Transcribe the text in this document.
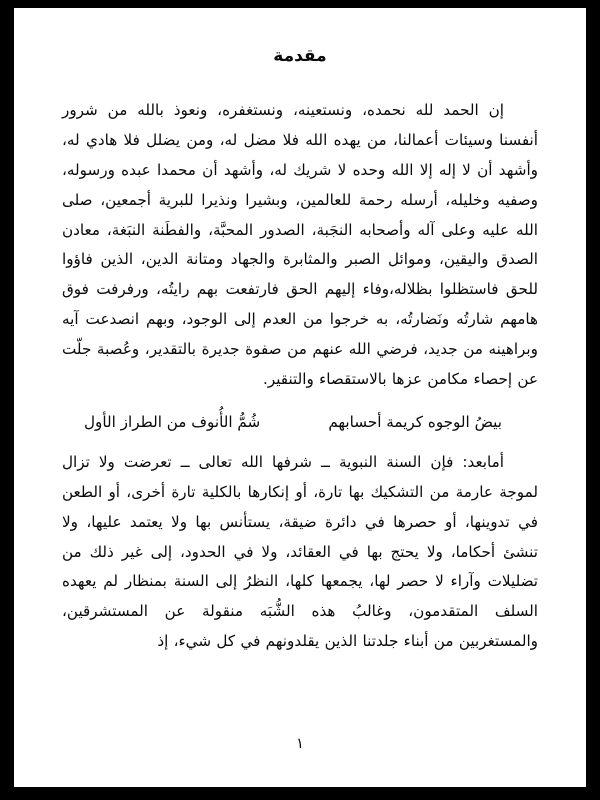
مقدمة

إن الحمد لله نحمده، ونستعينه، ونستغفره، ونعوذ بالله من شرور أنفسنا وسيئات أعمالنا، من يهده الله فلا مضل له، ومن يضلل فلا هادي له، وأشهد أن لا إله إلا الله وحده لا شريك له، وأشهد أن محمدا عبده ورسوله، وصفيه وخليله، أرسله رحمة للعالمين، وبشيرا ونذيرا للبرية أجمعين، صلى الله عليه وعلى آله وأصحابه النجَبة، الصدور المحبَّة، والفطَنة النبَغة، معادن الصدق واليقين، وموائل الصبر والمثابرة والجهاد ومتانة الدين، الذين فاؤوا للحق فاستظلوا بظلاله،وفاء إليهم الحق فارتفعت بهم رايتُه، ورفرفت فوق هامهم شارتُه ونَضارتُه، به خرجوا من العدم إلى الوجود، وبهم انصدعت آيه وبراهينه من جديد، فرضي الله عنهم من صفوة جديرة بالتقدير، وعُصبة جلّت عن إحصاء مكامن عزها بالاستقصاء والتنقير.

بيضُ الوجوه كريمة أحسابهم
شُمُّ الأُنوف من الطراز الأول

أمابعد: فإن السنة النبوية ــ شرفها الله تعالى ــ تعرضت ولا تزال لموجة عارمة من التشكيك بها تارة، أو إنكارها بالكلية تارة أخرى، أو الطعن في تدوينها، أو حصرها في دائرة ضيقة، يستأنس بها ولا يعتمد عليها، ولا تنشئ أحكاما، ولا يحتج بها في العقائد، ولا في الحدود، إلى غير ذلك من تضليلات وآراء لا حصر لها، يجمعها كلها، النظرُ إلى السنة بمنظار لم يعهده السلف المتقدمون، وغالبُ هذه الشُّبَه منقولة عن المستشرقين، والمستغربين من أبناء جلدتنا الذين يقلدونهم في كل شيء، إذ

١
